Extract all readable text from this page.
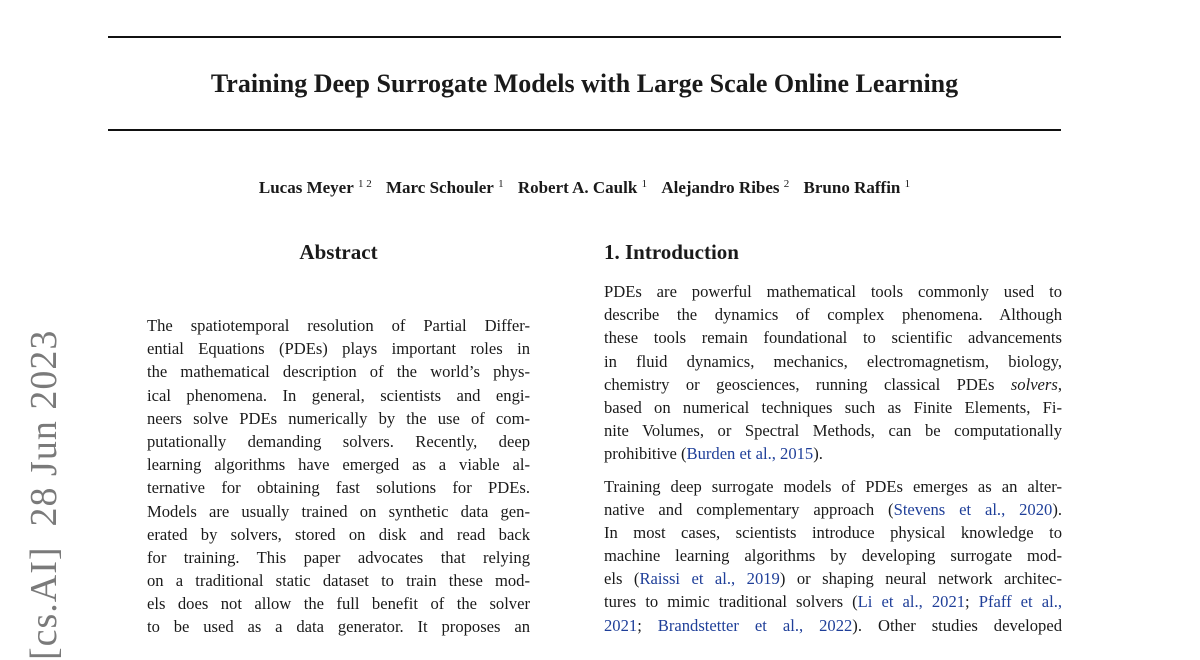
Training Deep Surrogate Models with Large Scale Online Learning
Lucas Meyer $^{1 2}$ Marc Schouler $^1$ Robert A. Caulk $^1$ Alejandro Ribes $^2$ Bruno Raffin $^1$
[cs.AI]28 Jun 2023
Abstract
The spatiotemporal resolution of Partial Differ-
ential Equations (PDEs) plays important roles in
the mathematical description of the world’s phys-
ical phenomena. In general, scientists and engi-
neers solve PDEs numerically by the use of com-
putationally demanding solvers. Recently, deep
learning algorithms have emerged as a viable al-
ternative for obtaining fast solutions for PDEs.
Models are usually trained on synthetic data gen-
erated by solvers, stored on disk and read back
for training. This paper advocates that relying
on a traditional static dataset to train these mod-
els does not allow the full benefit of the solver
to be used as a data generator. It proposes an
1. Introduction
PDEs are powerful mathematical tools commonly used to
describe the dynamics of complex phenomena. Although
these tools remain foundational to scientific advancements
in fluid dynamics, mechanics, electromagnetism, biology,
chemistry or geosciences, running classical PDEs solvers,
based on numerical techniques such as Finite Elements, Fi-
nite Volumes, or Spectral Methods, can be computationally
prohibitive (Burden et al., 2015).
Training deep surrogate models of PDEs emerges as an alter-
native and complementary approach (Stevens et al., 2020).
In most cases, scientists introduce physical knowledge to
machine learning algorithms by developing surrogate mod-
els (Raissi et al., 2019) or shaping neural network architec-
tures to mimic traditional solvers (Li et al., 2021; Pfaff et al.,
2021; Brandstetter et al., 2022). Other studies developed
